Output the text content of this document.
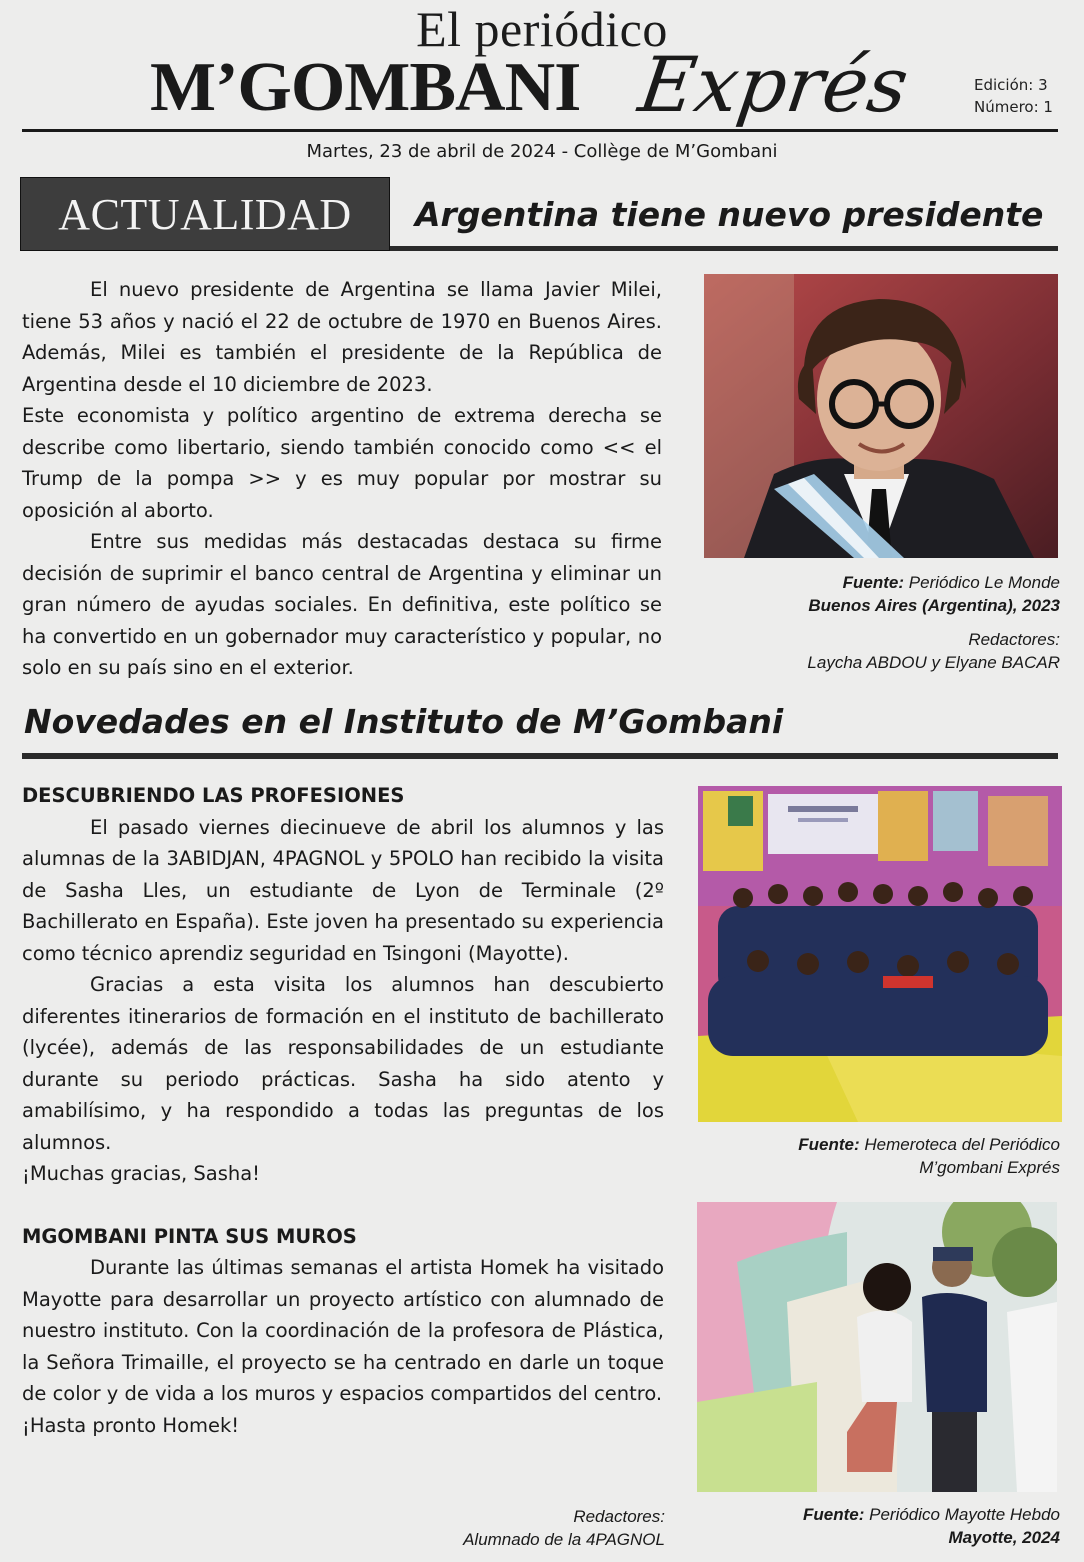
El periódico
M’GOMBANI Exprés	Edición: 3
Número: 1
Martes, 23 de abril de 2024 - Collège de M’Gombani
ACTUALIDAD	Argentina tiene nuevo presidente

El nuevo presidente de Argentina se llama Javier Milei, tiene 53 años y nació el 22 de octubre de 1970 en Buenos Aires. Además, Milei es también el presidente de la República de Argentina desde el 10 diciembre de 2023.

Este economista y político argentino de extrema derecha se describe como libertario, siendo también conocido como << el Trump de la pompa >> y es muy popular por mostrar su oposición al aborto.

Entre sus medidas más destacadas destaca su firme decisión de suprimir el banco central de Argentina y eliminar un gran número de ayudas sociales. En definitiva, este político se ha convertido en un gobernador muy característico y popular, no solo en su país sino en el exterior.

Fuente: Periódico Le Monde
Buenos Aires (Argentina), 2023
Redactores:
Laycha ABDOU y Elyane BACAR
Novedades en el Instituto de M’Gombani

DESCUBRIENDO LAS PROFESIONES

El pasado viernes diecinueve de abril los alumnos y las alumnas de la 3ABIDJAN, 4PAGNOL y 5POLO han recibido la visita de Sasha Lles, un estudiante de Lyon de Terminale (2º Bachillerato en España). Este joven ha presentado su experiencia como técnico aprendiz seguridad en Tsingoni (Mayotte).

Gracias a esta visita los alumnos han descubierto diferentes itinerarios de formación en el instituto de bachillerato (lycée), además de las responsabilidades de un estudiante durante su periodo prácticas. Sasha ha sido atento y amabilísimo, y ha respondido a todas las preguntas de los alumnos.

¡Muchas gracias, Sasha!

MGOMBANI PINTA SUS MUROS

Durante las últimas semanas el artista Homek ha visitado Mayotte para desarrollar un proyecto artístico con alumnado de nuestro instituto. Con la coordinación de la profesora de Plástica, la Señora Trimaille, el proyecto se ha centrado en darle un toque de color y de vida a los muros y espacios compartidos del centro.

¡Hasta pronto Homek!

Redactores:
Alumnado de la 4PAGNOL
Fuente: Hemeroteca del Periódico
M’gombani Exprés
Fuente: Periódico Mayotte Hebdo
Mayotte, 2024
